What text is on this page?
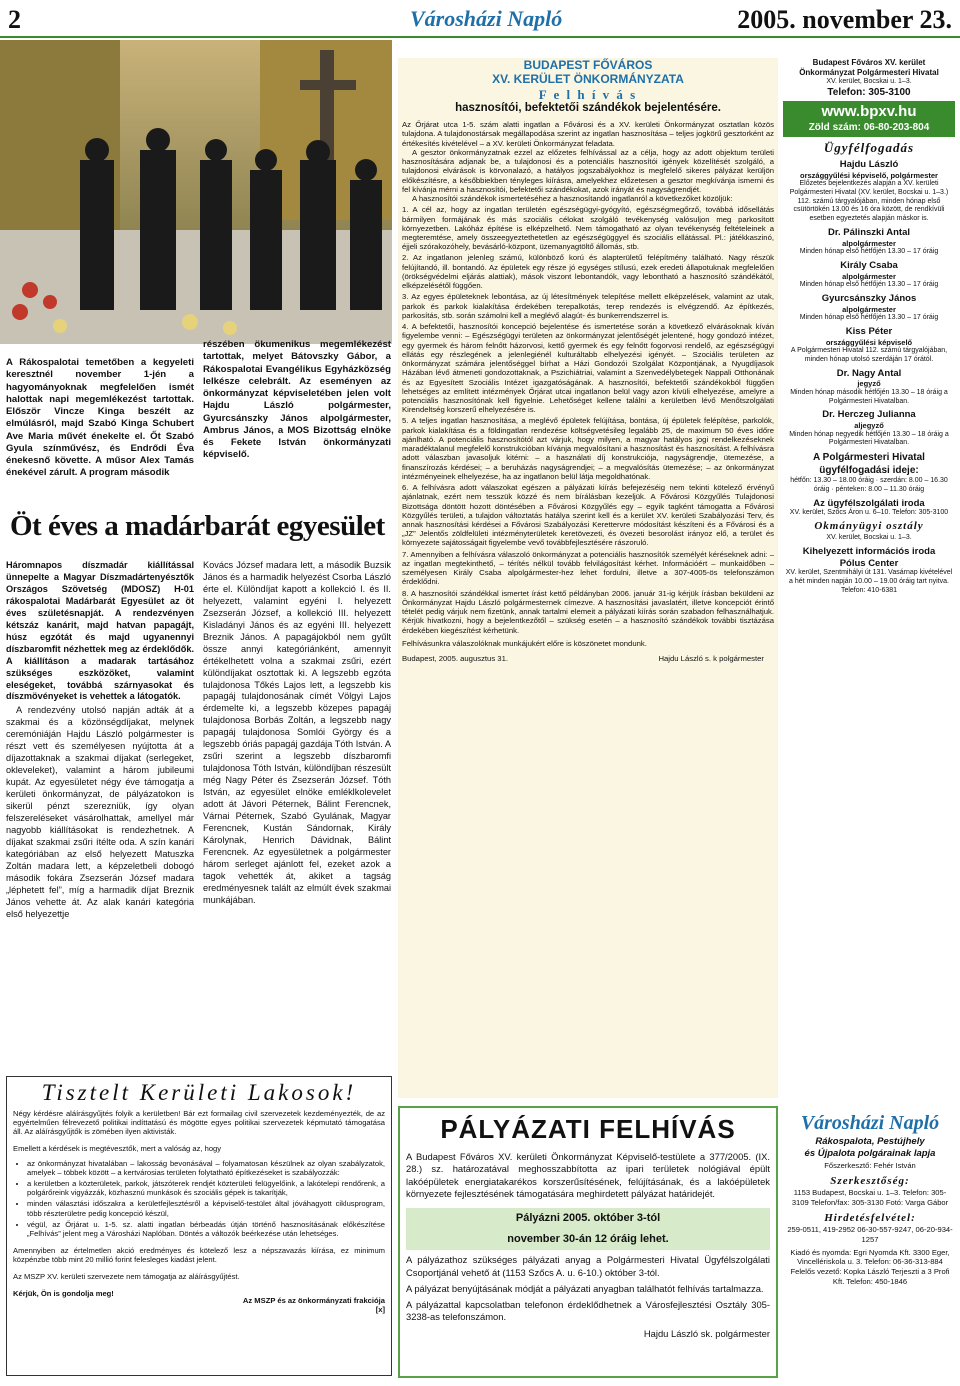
2	Városházi Napló	2005. november 23.
A Rákospalotai temetőben a kegyeleti keresztnél november 1-jén a hagyományoknak megfelelően ismét halottak napi megemlékezést tartottak. Először Vincze Kinga beszélt az elmúlásról, majd Szabó Kinga Schubert Ave Maria művét énekelte el. Őt Szabó Gyula színművész, és Endrődi Éva énekesnő követte. A műsor Alex Tamás énekével zárult. A program második
részében ökumenikus megemlékezést tartottak, melyet Bátovszky Gábor, a Rákospalotai Evangélikus Egyházközség lelkésze celebrált. Az eseményen az önkormányzat képviseletében jelen volt Hajdu László polgármester, Gyurcsánszky János alpolgármester, Ambrus János, a MOS Bizottság elnöke és Fekete István önkormányzati képviselő.
Öt éves a madárbarát egyesület
Háromnapos díszmadár kiállítással ünnepelte a Magyar Díszmadártenyésztők Országos Szövetség (MDOSZ) H-01 rákospalotai Madárbarát Egyesület az öt éves születésnapját. A rendezvényen kétszáz kanárit, majd hatvan papagájt, húsz egzótát és majd ugyanennyi díszbaromfit nézhettek meg az érdeklődők. A kiállításon a madarak tartásához szükséges eszközöket, valamint eleségeket, továbbá szárnyasokat és díszmövényeket is vehettek a látogatók.
A rendezvény utolsó napján adták át a szakmai és a közönségdíjakat, melynek ceremóniáján Hajdu László polgármester is részt vett és személyesen nyújtotta át a díjazottaknak a szakmai díjakat (serlegeket, okleveleket), valamint a három jubileumi kupát. Az egyesületet négy éve támogatja a kerületi önkormányzat, de pályázatokon is sikerül pénzt szerezniük, így olyan felszereléseket vásárolhattak, amellyel már nagyobb kiállításokat is rendezhetnek. A díjakat szakmai zsűri ítélte oda. A szín kanári kategóriában az első helyezett Matuszka Zoltán madara lett, a képzeletbeli dobogó második fokára Zsezserán József madara „léphetett fel”, míg a harmadik díjat Breznik János vehette át. Az alak kanári kategória első helyezettje
Kovács József madara lett, a második Buzsik János és a harmadik helyezést Csorba László érte el. Különdíjat kapott a kollekció I. és II. helyezett, valamint egyéni I. helyezett Zsezserán József, a kollekció III. helyezett Kisladányi János és az egyéni III. helyezett Breznik János. A papagájokból nem gyűlt össze annyi kategóriánként, amennyit értékelhetett volna a szakmai zsűri, ezért különdíjakat osztottak ki. A legszebb egzóta tulajdonosa Tőkés Lajos lett, a legszebb kis papagáj tulajdonosának címét Völgyi Lajos érdemelte ki, a legszebb közepes papagáj tulajdonosa Borbás Zoltán, a legszebb nagy papagáj tulajdonosa Somlói György és a legszebb óriás papagáj gazdája Tóth István. A zsűri szerint a legszebb díszbaromfi tulajdonosa Tóth István, különdíjban részesült még Nagy Péter és Zsezserán József. Tóth István, az egyesület elnöke emléklkolevelet adott át Jávori Péternek, Bálint Ferencnek, Várnai Péternek, Szabó Gyulának, Magyar Ferencnek, Kustán Sándornak, Király Károlynak, Henrich Dávidnak, Bálint Ferencnek. Az egyesületnek a polgármester három serleget ajánlott fel, ezeket azok a tagok vehették át, akiket a tagság eredményesnek talált az elmúlt évek szakmai munkájában.
Tisztelt Kerületi Lakosok!
Négy kérdésre aláírásgyűjtés folyik a kerületben! Bár ezt formailag civil szervezetek kezdeményezték, de az egyértelműen félrevezető politikai indíttatású és mögötte egyes politikai szervezetek képmutató támogatása áll. Az aláírásgyűjtők is zömében ilyen aktivisták.
Emellett a kérdések is megtévesztők, mert a valóság az, hogy
• az önkormányzat hivatalában – lakosság bevonásával – folyamatosan készülnek az olyan szabályzatok, amelyek – többek között – a kertvárosias területen folytatható építkezéseket is szabályozzák:
• a kerületben a közterületek, parkok, játszóterek rendjét közterületi felügyelőink, a lakótelepi rendőrenk, a polgárőreink vigyázzák, közhasznú munkások és szociális gépek is takarítják,
• minden választási időszakra a kerületfejlesztésről a képviselő-testület által jóváhagyott ciklusprogram, több részterületre pedig koncepció készül,
• végül, az Őrjárat u. 1-5. sz. alatti ingatlan bérbeadás útján történő hasznosításának előkészítése „Felhívás” jelent meg a Városházi Naplóban. Döntés a változók beérkezése után lehetséges.
Amennyiben az értelmetlen akció eredményes és kötelező lesz a népszavazás kiírása, ez minimum közpénzbe több mint 20 millió forint felesleges kiadást jelent.
Az MSZP XV. kerületi szervezete nem támogatja az aláírásgyűjtést.
Kérjük, Ön is gondolja meg!
Az MSZP és az önkormányzati frakciója
[x]
BUDAPEST FŐVÁROS
XV. KERÜLET ÖNKORMÁNYZATA
F e l h í v á s
hasznosítói, befektetői szándékok bejelentésére.
Az Őrjárat utca 1-5. szám alatti ingatlan a Fővárosi és a XV. kerületi Önkormányzat osztatlan közös tulajdona. A tulajdonostársak megállapodása szerint az ingatlan hasznosítása – teljes jogkörű gesztorként az értékesítés kivételével – a XV. kerületi Önkormányzat feladata.
A gesztor önkormányzatnak ezzel az előzetes felhívással az a célja, hogy az adott objektum területi hasznosítására adjanak be, a tulajdonosi és a potenciális hasznosítói igények közelítését szolgáló, a tulajdonosi elvárások is körvonalazó, a hatályos jogszabályokhoz is megfelelő sikeres pályázat kerüljön előkészítésre, a későbbiekben tényleges kiírásra, amelyekhez előzetesen a gesztor megkívánja ismerni és fel kívánja mérni a hasznosítói, befektetői szándékokat, azok irányát és nagyságrendjét.
A hasznosítói szándékok ismertetéséhez a hasznosítandó ingatlanról a következőket közöljük:
1. A cél az, hogy az ingatlan területén egészségügyi-gyógyító, egészségmegőrző, továbbá idősellátás bármilyen formájának és más szociális célokat szolgáló tevékenység valósuljon meg parkosított környezetben. Lakóház építése is elképzelhető. Nem támogatható az olyan tevékenység feltételeinek a megteremtése, amely összeegyeztethetetlen az egészségüggyel és szociális ellátással. Pl.: játékkaszinó, éjjeli szórakozóhely, bevásárló-központ, üzemanyagtöltő állomás, stb.
2. Az ingatlanon jelenleg számú, különböző korú és alapterületű felépítmény található. Nagy részük felújítandó, ill. bontandó. Az épületek egy része jó egységes stílusú, ezek eredeti állapotuknak megfelelően (örökségvédelmi eljárás alattiak), mások viszont lebontandók, vagy lebontható a hasznosító szándékától, elképzelésétől függően.
3. Az egyes épületeknek lebontása, az új létesítmények telepítése mellett elképzelések, valamint az utak, parkok és parkok kialakítása érdekében terepalkotás, terep rendezés is elvégzendő. Az építkezés, parkosítás, stb. során számolni kell a meglévő alagút- és bunkerrendszerrel is.
4. A befektetői, hasznosítói koncepció bejelentése és ismertetése során a következő elvárásoknak kíván figyelembe venni: – Egészségügyi területen az önkormányzat jelentőségét jelentené, hogy gondozó intézet, egy gyermek és három felnőtt házorvosi, kettő gyermek és egy felnőtt fogorvosi rendelő, az egészségügyi ellátás egy részlegének a jelenlegiénél kulturáltabb elhelyezési igényét. – Szociális területen az önkormányzat számára jelentőséggel bírhat a Házi Gondozói Szolgálat Központjának, a Nyugdíjasok Házában lévő átmeneti gondozottaknak, a Pszichiátriai, valamint a Szenvedélybetegek Nappali Otthonának és az Egyesített Szociális Intézet igazgatóságának. A hasznosítói, befektetői szándékokból függően lehetséges az említett intézmények Őrjárat utcai ingatlanon belül vagy azon kívüli elhelyezése, amelyre a potenciális hasznosítónak kell figyelnie. Lehetőséget kellene találni a kerületben lévő Menőtszolgálati Kirendeltség korszerű elhelyezésére is.
5. A teljes ingatlan hasznosítása, a meglévő épületek felújítása, bontása, új épületek felépítése, parkolók, parkok kialakítása és a földingatlan rendezése költségvetésileg legalább 25, de maximum 50 éves időre ajánlható. A potenciális hasznosítótól azt várjuk, hogy milyen, a magyar hatályos jogi rendelkezéseknek maradéktalanul megfelelő konstrukcióban kívánja megvalósítani a hasznosítást és hasznosítást. A felhívásra adott válaszban javasoljuk kitérni: – a használati díj konstrukciója, nagyságrendje, ütemezése, a finanszírozás kérdései; – a beruházás nagyságrendjei; – a megvalósítás ütemezése; – az önkormányzat intézményeinek elhelyezése, ha az ingatlanon belül látja megoldhatónak.
6. A felhívásra adott válaszokat egészen a pályázati kiírás befejezéséig nem tekinti kötelező érvényű ajánlatnak, ezért nem tesszük közzé és nem bírálásban kezeljük. A Fővárosi Közgyűlés Tulajdonosi Bizottsága döntött hozott döntésében a Fővárosi Közgyűlés egy – egyik tagként támogatta a Fővárosi Közgyűlés területi, a tulajdon változtatás hatálya szerint kell és a kerület XV. kerületi Szabályozási Terv, és annak hasznosítási kérdései a Fővárosi Szabályozási Kerettervre módosítást készíteni és a Fővárosi és a „JZ” Jelentős zöldfelületi intézményterületek keretövezeti, és övezeti besorolást irányoz elő, a terület és környezete sajátosságait figyelembe vevő továbbfejlesztésére rászoruló.
7. Amennyiben a felhívásra válaszoló önkormányzat a potenciális hasznosítók személyét kéréseknek adni: – az ingatlan megtekinthető, – térítés nélkül tovább felvilágosítást kérhet. Információért – munkaidőben – személyesen Király Csaba alpolgármester-hez lehet fordulni, illetve a 307-4005-ös telefonszámon érdeklődni.
8. A hasznosítói szándékkal ismertet írást kettő példányban 2006. január 31-ig kérjük írásban beküldeni az Önkormányzat Hajdu László polgármesternek címezve. A hasznosítási javaslatért, illetve koncepciót érintő tételét pedig várjuk nem fizetünk, annak tartalmi elemeit a pályázati kiírás során szabadon felhasználhatjuk. Kérjük hivatkozni, hogy a bejelentkezőtől – szükség esetén – a hasznosító szándékok további tisztázása érdekében kiegészítést kérhetünk.
Felhívásunkra válaszolóknak munkájukért előre is köszönetet mondunk.
Budapest, 2005. augusztus 31.	Hajdu László s. k polgármester
PÁLYÁZATI FELHÍVÁS
A Budapest Főváros XV. kerületi Önkormányzat Képviselő-testülete a 377/2005. (IX. 28.) sz. határozatával meghosszabbította az ipari területek nológiával épült lakóépületek energiatakarékos korszerűsítésének, felújításának, és a lakóépületek környezete fejlesztésének támogatására meghirdetett pályázat határidejét.
Pályázni 2005. október 3-tól
november 30-án 12 óráig lehet.
A pályázathoz szükséges pályázati anyag a Polgármesteri Hivatal Ügyfélszolgálati Csoportjánál vehető át (1153 Szőcs A. u. 6-10.) október 3-tól.
A pályázat benyújtásának módját a pályázati anyagban találhatót felhívás tartalmazza.
A pályázattal kapcsolatban telefonon érdeklődhetnek a Városfejlesztési Osztály 305-3238-as telefonszámon.
Hajdu László sk. polgármester
Budapest Főváros XV. kerület
Önkormányzat Polgármesteri Hivatal
XV. kerület, Bocskai u. 1–3.
Telefon: 305-3100
www.bpxv.hu
Zöld szám: 06-80-203-804
Ügyfélfogadás
Hajdu László
országgyűlési képviselő, polgármester
Előzetes bejelentkezés alapján a XV. kerületi Polgármesteri Hivatal (XV. kerület, Bocskai u. 1–3.) 112. számú tárgyalójában, minden hónap első csütörtökén 13.00 és 16 óra között, de rendkívüli esetben egyeztetés alapján máskor is.
Dr. Pálinszki Antal
alpolgármester
Minden hónap első hétfőjén 13.30 – 17 óráig
Király Csaba
alpolgármester
Minden hónap első hétfőjén 13.30 – 17 óráig
Gyurcsánszky János
alpolgármester
Minden hónap első hétfőjén 13.30 – 17 óráig
Kiss Péter
országgyűlési képviselő
A Polgármesteri Hivatal 112. számú tárgyalójában, minden hónap utolsó szerdáján 17 órától.
Dr. Nagy Antal
jegyző
Minden hónap második hétfőjén 13.30 – 18 óráig a Polgármesteri Hivatalban.
Dr. Herczeg Julianna
aljegyző
Minden hónap negyedik hétfőjén 13.30 – 18 óráig a Polgármesteri Hivatalban.
A Polgármesteri Hivatal ügyfélfogadási ideje:
hétfőn: 13.30 – 18.00 óráig · szerdán: 8.00 – 16.30 óráig · pénteken: 8.00 – 11.30 óráig
Az ügyfélszolgálati iroda
XV. kerület, Szőcs Áron u. 6–10. Telefon: 305-3100
Okmányügyi osztály
XV. kerület, Bocskai u. 1–3.
Kihelyezett információs iroda
Pólus Center
XV. kerület, Szentmihályi út 131. Vasárnap kivételével a hét minden napján 10.00 – 19.00 óráig tart nyitva. Telefon: 410-6381
Városházi Napló
Rákospalota, Pestújhely
és Újpalota polgárainak lapja
Főszerkesztő: Fehér István
Szerkesztőség:
1153 Budapest, Bocskai u. 1–3. Telefon: 305-3109 Telefon/fax: 305-3130 Fotó: Varga Gábor
Hirdetésfelvétel:
259-0511, 419-2952 06-30-557-9247, 06-20-934-1257
Kiadó és nyomda: Egri Nyomda Kft. 3300 Eger, Vincellériskola u. 3. Telefon: 06-36-313-884 Felelős vezető: Kopka László Terjeszti a 3 Profi Kft. Telefon: 450-1846
